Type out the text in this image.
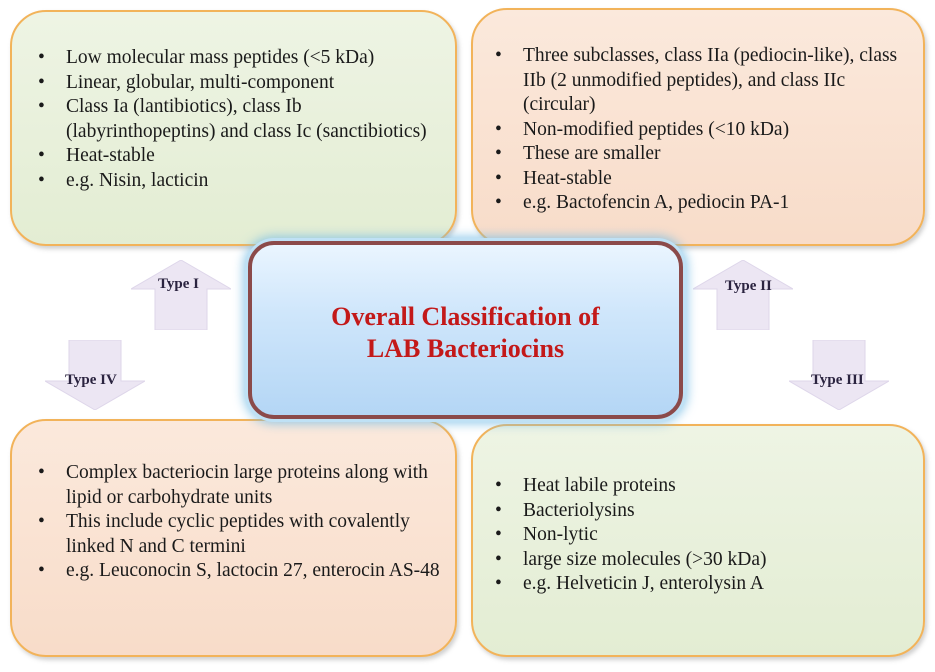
• Low molecular mass peptides (<5 kDa)
• Linear, globular, multi-component
• Class Ia (lantibiotics), class Ib (labyrinthopeptins) and class Ic (sanctibiotics)
• Heat-stable
• e.g. Nisin, lacticin
• Three subclasses, class IIa (pediocin-like), class IIb (2 unmodified peptides), and class IIc (circular)
• Non-modified peptides (<10 kDa)
• These are smaller
• Heat-stable
• e.g. Bactofencin A, pediocin PA-1
• Complex bacteriocin large proteins along with lipid or carbohydrate units
• This include cyclic peptides with covalently linked N and C termini
• e.g. Leuconocin S, lactocin 27, enterocin AS-48
• Heat labile proteins
• Bacteriolysins
• Non-lytic
• large size molecules (>30 kDa)
• e.g. Helveticin J, enterolysin A
Type I	Type II
Type IV	Type III
Overall Classification of
LAB Bacteriocins
